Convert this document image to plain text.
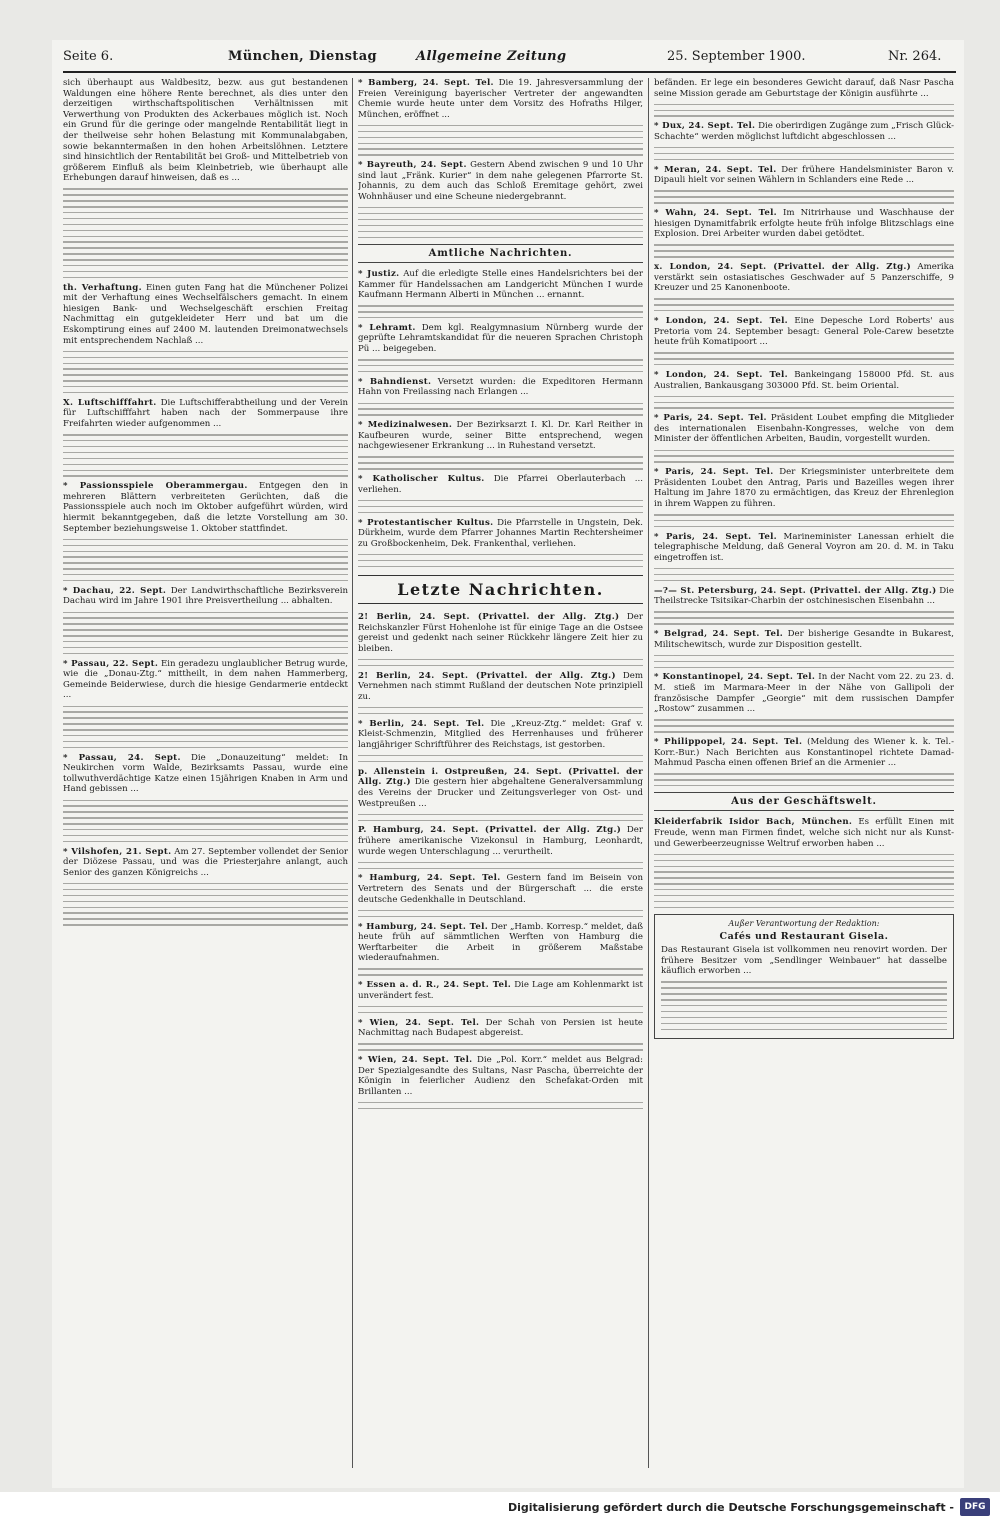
Seite 6.	München, Dienstag	Allgemeine Zeitung	25. September 1900.	Nr. 264.

sich überhaupt aus Waldbesitz, bezw. aus gut bestandenen Waldungen eine höhere Rente berechnet, als dies unter den derzeitigen wirthschaftspolitischen Verhältnissen mit Verwerthung von Produkten des Ackerbaues möglich ist. Noch ein Grund für die geringe oder mangelnde Rentabilität liegt in der theilweise sehr hohen Belastung mit Kommunalabgaben, sowie bekanntermaßen in den hohen Arbeitslöhnen. Letztere sind hinsichtlich der Rentabilität bei Groß- und Mittelbetrieb von größerem Einfluß als beim Kleinbetrieb, wie überhaupt alle Erhebungen darauf hinweisen, daß es ...

th. Verhaftung. Einen guten Fang hat die Münchener Polizei mit der Verhaftung eines Wechselfälschers gemacht. In einem hiesigen Bank- und Wechselgeschäft erschien Freitag Nachmittag ein gutgekleideter Herr und bat um die Eskomptirung eines auf 2400 M. lautenden Dreimonatwechsels mit entsprechendem Nachlaß ...

X. Luftschifffahrt. Die Luftschifferabtheilung und der Verein für Luftschifffahrt haben nach der Sommerpause ihre Freifahrten wieder aufgenommen ...

* Passionsspiele Oberammergau. Entgegen den in mehreren Blättern verbreiteten Gerüchten, daß die Passionsspiele auch noch im Oktober aufgeführt würden, wird hiermit bekanntgegeben, daß die letzte Vorstellung am 30. September beziehungsweise 1. Oktober stattfindet.

* Dachau, 22. Sept. Der Landwirthschaftliche Bezirksverein Dachau wird im Jahre 1901 ihre Preisvertheilung ... abhalten.

* Passau, 22. Sept. Ein geradezu unglaublicher Betrug wurde, wie die „Donau-Ztg.“ mittheilt, in dem nahen Hammerberg, Gemeinde Beiderwiese, durch die hiesige Gendarmerie entdeckt ...

* Passau, 24. Sept. Die „Donauzeitung“ meldet: In Neukirchen vorm Walde, Bezirksamts Passau, wurde eine tollwuthverdächtige Katze einen 15jährigen Knaben in Arm und Hand gebissen ...

* Vilshofen, 21. Sept. Am 27. September vollendet der Senior der Diözese Passau, und was die Priesterjahre anlangt, auch Senior des ganzen Königreichs ...

* Bamberg, 24. Sept. Tel. Die 19. Jahresversammlung der Freien Vereinigung bayerischer Vertreter der angewandten Chemie wurde heute unter dem Vorsitz des Hofraths Hilger, München, eröffnet ...

* Bayreuth, 24. Sept. Gestern Abend zwischen 9 und 10 Uhr sind laut „Fränk. Kurier“ in dem nahe gelegenen Pfarrorte St. Johannis, zu dem auch das Schloß Eremitage gehört, zwei Wohnhäuser und eine Scheune niedergebrannt.

Amtliche Nachrichten.

* Justiz. Auf die erledigte Stelle eines Handelsrichters bei der Kammer für Handelssachen am Landgericht München I wurde Kaufmann Hermann Alberti in München ... ernannt.

* Lehramt. Dem kgl. Realgymnasium Nürnberg wurde der geprüfte Lehramtskandidat für die neueren Sprachen Christoph Pü ... beigegeben.

* Bahndienst. Versetzt wurden: die Expeditoren Hermann Hahn von Freilassing nach Erlangen ...

* Medizinalwesen. Der Bezirksarzt I. Kl. Dr. Karl Reither in Kaufbeuren wurde, seiner Bitte entsprechend, wegen nachgewiesener Erkrankung ... in Ruhestand versetzt.

* Katholischer Kultus. Die Pfarrei Oberlauterbach ... verliehen.

* Protestantischer Kultus. Die Pfarrstelle in Ungstein, Dek. Dürkheim, wurde dem Pfarrer Johannes Martin Rechtersheimer zu Großbockenheim, Dek. Frankenthal, verliehen.

Letzte Nachrichten.

2! Berlin, 24. Sept. (Privattel. der Allg. Ztg.) Der Reichskanzler Fürst Hohenlohe ist für einige Tage an die Ostsee gereist und gedenkt nach seiner Rückkehr längere Zeit hier zu bleiben.

2! Berlin, 24. Sept. (Privattel. der Allg. Ztg.) Dem Vernehmen nach stimmt Rußland der deutschen Note prinzipiell zu.

* Berlin, 24. Sept. Tel. Die „Kreuz-Ztg.“ meldet: Graf v. Kleist-Schmenzin, Mitglied des Herrenhauses und früherer langjähriger Schriftführer des Reichstags, ist gestorben.

p. Allenstein i. Ostpreußen, 24. Sept. (Privattel. der Allg. Ztg.) Die gestern hier abgehaltene Generalversammlung des Vereins der Drucker und Zeitungsverleger von Ost- und Westpreußen ...

P. Hamburg, 24. Sept. (Privattel. der Allg. Ztg.) Der frühere amerikanische Vizekonsul in Hamburg, Leonhardt, wurde wegen Unterschlagung ... verurtheilt.

* Hamburg, 24. Sept. Tel. Gestern fand im Beisein von Vertretern des Senats und der Bürgerschaft ... die erste deutsche Gedenkhalle in Deutschland.

* Hamburg, 24. Sept. Tel. Der „Hamb. Korresp.“ meldet, daß heute früh auf sämmtlichen Werften von Hamburg die Werftarbeiter die Arbeit in größerem Maßstabe wiederaufnahmen.

* Essen a. d. R., 24. Sept. Tel. Die Lage am Kohlenmarkt ist unverändert fest.

* Wien, 24. Sept. Tel. Der Schah von Persien ist heute Nachmittag nach Budapest abgereist.

* Wien, 24. Sept. Tel. Die „Pol. Korr.“ meldet aus Belgrad: Der Spezialgesandte des Sultans, Nasr Pascha, überreichte der Königin in feierlicher Audienz den Schefakat-Orden mit Brillanten ...

befänden. Er lege ein besonderes Gewicht darauf, daß Nasr Pascha seine Mission gerade am Geburtstage der Königin ausführte ...

* Dux, 24. Sept. Tel. Die oberirdigen Zugänge zum „Frisch Glück-Schachte“ werden möglichst luftdicht abgeschlossen ...

* Meran, 24. Sept. Tel. Der frühere Handelsminister Baron v. Dipauli hielt vor seinen Wählern in Schlanders eine Rede ...

* Wahn, 24. Sept. Tel. Im Nitrirhause und Waschhause der hiesigen Dynamitfabrik erfolgte heute früh infolge Blitzschlags eine Explosion. Drei Arbeiter wurden dabei getödtet.

x. London, 24. Sept. (Privattel. der Allg. Ztg.) Amerika verstärkt sein ostasiatisches Geschwader auf 5 Panzerschiffe, 9 Kreuzer und 25 Kanonenboote.

* London, 24. Sept. Tel. Eine Depesche Lord Roberts' aus Pretoria vom 24. September besagt: General Pole-Carew besetzte heute früh Komatipoort ...

* London, 24. Sept. Tel. Bankeingang 158000 Pfd. St. aus Australien, Bankausgang 303000 Pfd. St. beim Oriental.

* Paris, 24. Sept. Tel. Präsident Loubet empfing die Mitglieder des internationalen Eisenbahn-Kongresses, welche von dem Minister der öffentlichen Arbeiten, Baudin, vorgestellt wurden.

* Paris, 24. Sept. Tel. Der Kriegsminister unterbreitete dem Präsidenten Loubet den Antrag, Paris und Bazeilles wegen ihrer Haltung im Jahre 1870 zu ermächtigen, das Kreuz der Ehrenlegion in ihrem Wappen zu führen.

* Paris, 24. Sept. Tel. Marineminister Lanessan erhielt die telegraphische Meldung, daß General Voyron am 20. d. M. in Taku eingetroffen ist.

—?— St. Petersburg, 24. Sept. (Privattel. der Allg. Ztg.) Die Theilstrecke Tsitsikar-Charbin der ostchinesischen Eisenbahn ...

* Belgrad, 24. Sept. Tel. Der bisherige Gesandte in Bukarest, Militschewitsch, wurde zur Disposition gestellt.

* Konstantinopel, 24. Sept. Tel. In der Nacht vom 22. zu 23. d. M. stieß im Marmara-Meer in der Nähe von Gallipoli der französische Dampfer „Georgie“ mit dem russischen Dampfer „Rostow“ zusammen ...

* Philippopel, 24. Sept. Tel. (Meldung des Wiener k. k. Tel.-Korr.-Bur.) Nach Berichten aus Konstantinopel richtete Damad-Mahmud Pascha einen offenen Brief an die Armenier ...

Aus der Geschäftswelt.

Kleiderfabrik Isidor Bach, München. Es erfüllt Einen mit Freude, wenn man Firmen findet, welche sich nicht nur als Kunst- und Gewerbeerzeugnisse Weltruf erworben haben ...

Außer Verantwortung der Redaktion:
Cafés und Restaurant Gisela.

Das Restaurant Gisela ist vollkommen neu renovirt worden. Der frühere Besitzer vom „Sendlinger Weinbauer“ hat dasselbe käuflich erworben ...

Digitalisierung gefördert durch die Deutsche Forschungsgemeinschaft -	DFG
